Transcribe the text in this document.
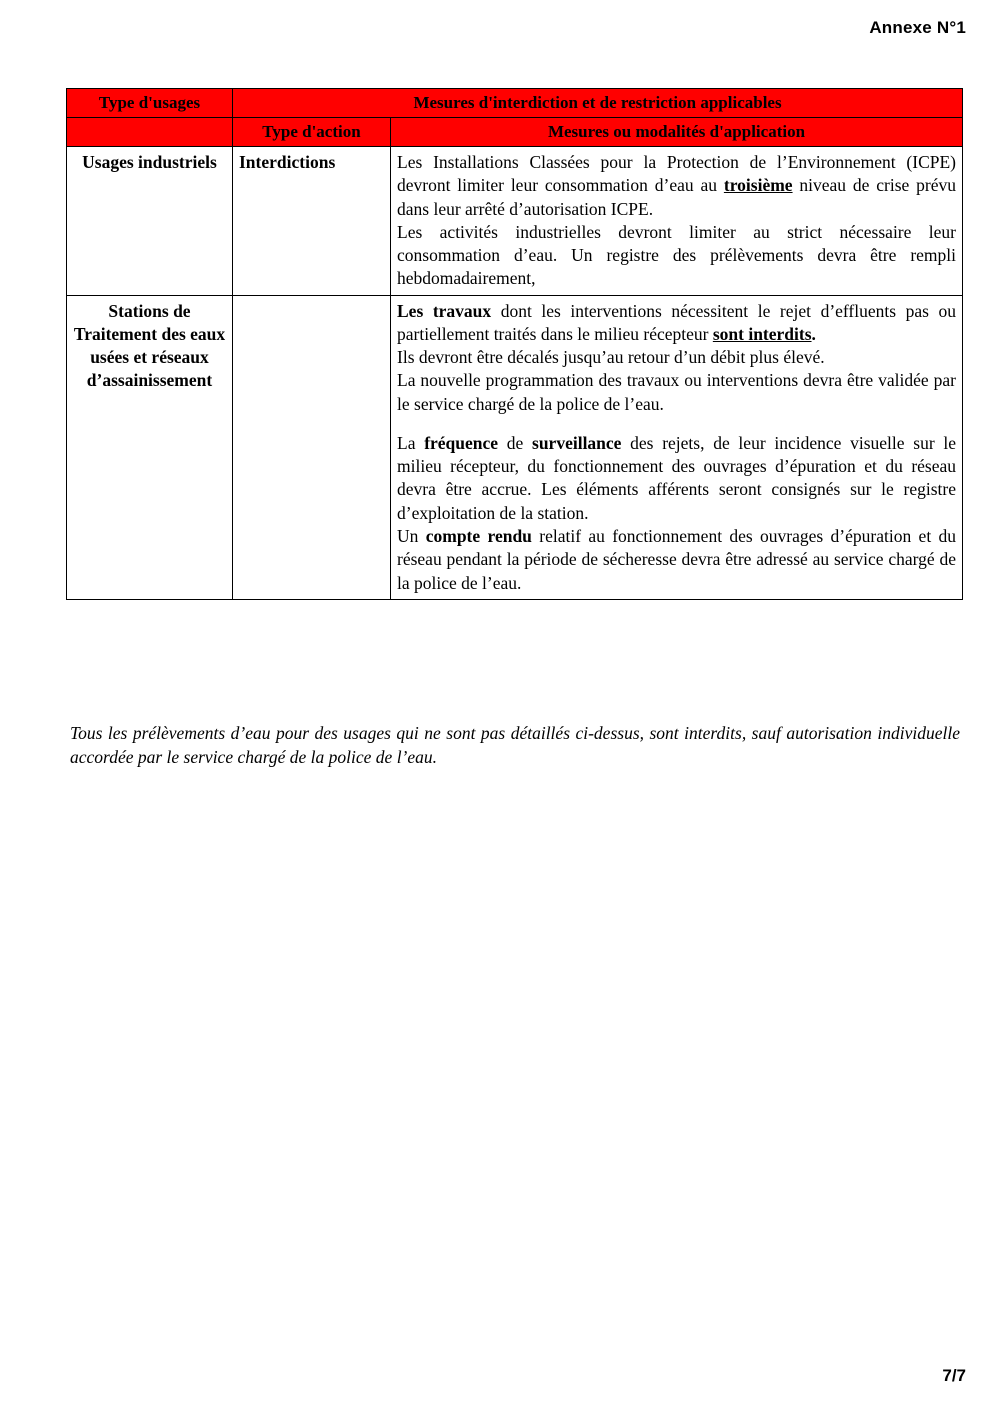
Annexe N°1
Type d'usages	Mesures d'interdiction et de restriction applicables	
	Type d'action	Mesures ou modalités d'application
Usages industriels	Interdictions	Les Installations Classées pour la Protection de l’Environnement (ICPE) devront limiter leur consommation d’eau au troisième niveau de crise prévu dans leur arrêté d’autorisation ICPE.

Les activités industrielles devront limiter au strict nécessaire leur consommation d’eau. Un registre des prélèvements devra être rempli hebdomadairement,

Stations de Traitement des eaux usées et réseaux d’assainissement		Les travaux dont les interventions nécessitent le rejet d’effluents pas ou partiellement traités dans le milieu récepteur sont interdits.

Ils devront être décalés jusqu’au retour d’un débit plus élevé.

La nouvelle programmation des travaux ou interventions devra être validée par le service chargé de la police de l’eau.

La fréquence de surveillance des rejets, de leur incidence visuelle sur le milieu récepteur, du fonctionnement des ouvrages d’épuration et du réseau devra être accrue. Les éléments afférents seront consignés sur le registre d’exploitation de la station.

Un compte rendu relatif au fonctionnement des ouvrages d’épuration et du réseau pendant la période de sécheresse devra être adressé au service chargé de la police de l’eau.

Tous les prélèvements d’eau pour des usages qui ne sont pas détaillés ci-dessus, sont interdits, sauf autorisation individuelle accordée par le service chargé de la police de l’eau.
7/7
